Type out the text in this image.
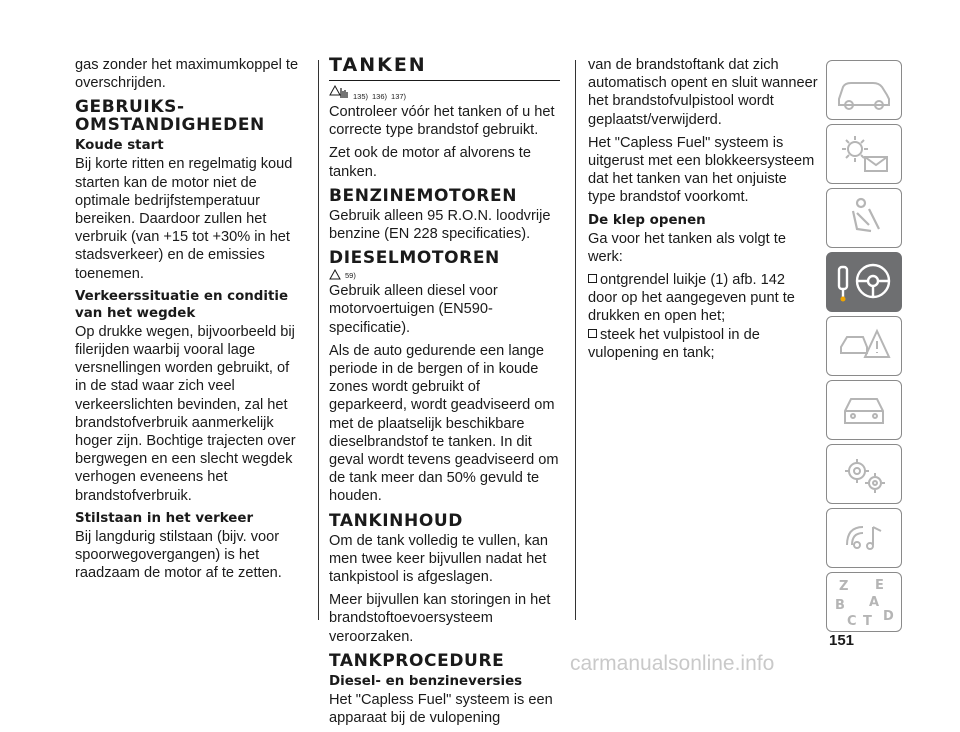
gas zonder het maximumkoppel te overschrijden.

GEBRUIKS-
OMSTANDIGHEDEN
Koude start

Bij korte ritten en regelmatig koud starten kan de motor niet de optimale bedrijfstemperatuur bereiken. Daardoor zullen het verbruik (van +15 tot +30% in het stadsverkeer) en de emissies toenemen.

Verkeerssituatie en conditie van het wegdek

Op drukke wegen, bijvoorbeeld bij filerijden waarbij vooral lage versnellingen worden gebruikt, of in de stad waar zich veel verkeerslichten bevinden, zal het brandstofverbruik aanmerkelijk hoger zijn. Bochtige trajecten over bergwegen en een slecht wegdek verhogen eveneens het brandstofverbruik.

Stilstaan in het verkeer

Bij langdurig stilstaan (bijv. voor spoorwegovergangen) is het raadzaam de motor af te zetten.

TANKEN
135) 136) 137)

Controleer vóór het tanken of u het correcte type brandstof gebruikt.

Zet ook de motor af alvorens te tanken.

BENZINEMOTOREN

Gebruik alleen 95 R.O.N. loodvrije benzine (EN 228 specificaties).

DIESELMOTOREN
59)

Gebruik alleen diesel voor motorvoertuigen (EN590-specificatie).

Als de auto gedurende een lange periode in de bergen of in koude zones wordt gebruikt of geparkeerd, wordt geadviseerd om met de plaatselijk beschikbare dieselbrandstof te tanken. In dit geval wordt tevens geadviseerd om de tank meer dan 50% gevuld te houden.

TANKINHOUD

Om de tank volledig te vullen, kan men twee keer bijvullen nadat het tankpistool is afgeslagen.

Meer bijvullen kan storingen in het brandstoftoevoersysteem veroorzaken.

TANKPROCEDURE
Diesel- en benzineversies

Het "Capless Fuel" systeem is een apparaat bij de vulopening

van de brandstoftank dat zich automatisch opent en sluit wanneer het brandstofvulpistool wordt geplaatst/verwijderd.

Het "Capless Fuel" systeem is uitgerust met een blokkeersysteem dat het tanken van het onjuiste type brandstof voorkomt.

De klep openen

Ga voor het tanken als volgt te werk:

ontgrendel luikje (1) afb. 142 door op het aangegeven punt te drukken en open het;

steek het vulpistool in de vulopening en tank;

Z E
B A
C T D
151
carmanualsonline.info
